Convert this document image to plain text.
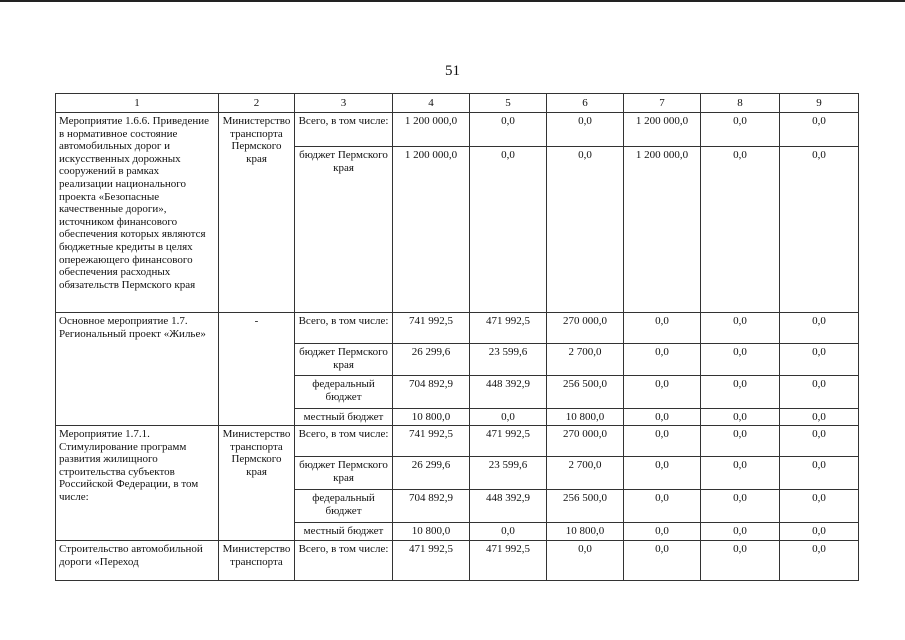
51
1	2	3	4	5	6	7	8	9
Мероприятие 1.6.6. Приведение в нормативное состояние автомобильных дорог и искусственных дорожных сооружений в рамках реализации национального проекта «Безопасные качественные дороги», источником финансового обеспечения которых являются бюджетные кредиты в целях опережающего финансового обеспечения расходных обязательств Пермского края	Министерство транспорта Пермского края	Всего, в том числе:	1 200 000,0	0,0	0,0	1 200 000,0	0,0	0,0
		бюджет Пермского края	1 200 000,0	0,0	0,0	1 200 000,0	0,0	0,0
Основное мероприятие 1.7. Региональный проект «Жилье»	-	Всего, в том числе:	741 992,5	471 992,5	270 000,0	0,0	0,0	0,0
		бюджет Пермского края	26 299,6	23 599,6	2 700,0	0,0	0,0	0,0
		федеральный бюджет	704 892,9	448 392,9	256 500,0	0,0	0,0	0,0
		местный бюджет	10 800,0	0,0	10 800,0	0,0	0,0	0,0
Мероприятие 1.7.1. Стимулирование программ развития жилищного строительства субъектов Российской Федерации, в том числе:	Министерство транспорта Пермского края	Всего, в том числе:	741 992,5	471 992,5	270 000,0	0,0	0,0	0,0
		бюджет Пермского края	26 299,6	23 599,6	2 700,0	0,0	0,0	0,0
		федеральный бюджет	704 892,9	448 392,9	256 500,0	0,0	0,0	0,0
		местный бюджет	10 800,0	0,0	10 800,0	0,0	0,0	0,0
Строительство автомобильной дороги «Переход	Министерство транспорта	Всего, в том числе:	471 992,5	471 992,5	0,0	0,0	0,0	0,0
